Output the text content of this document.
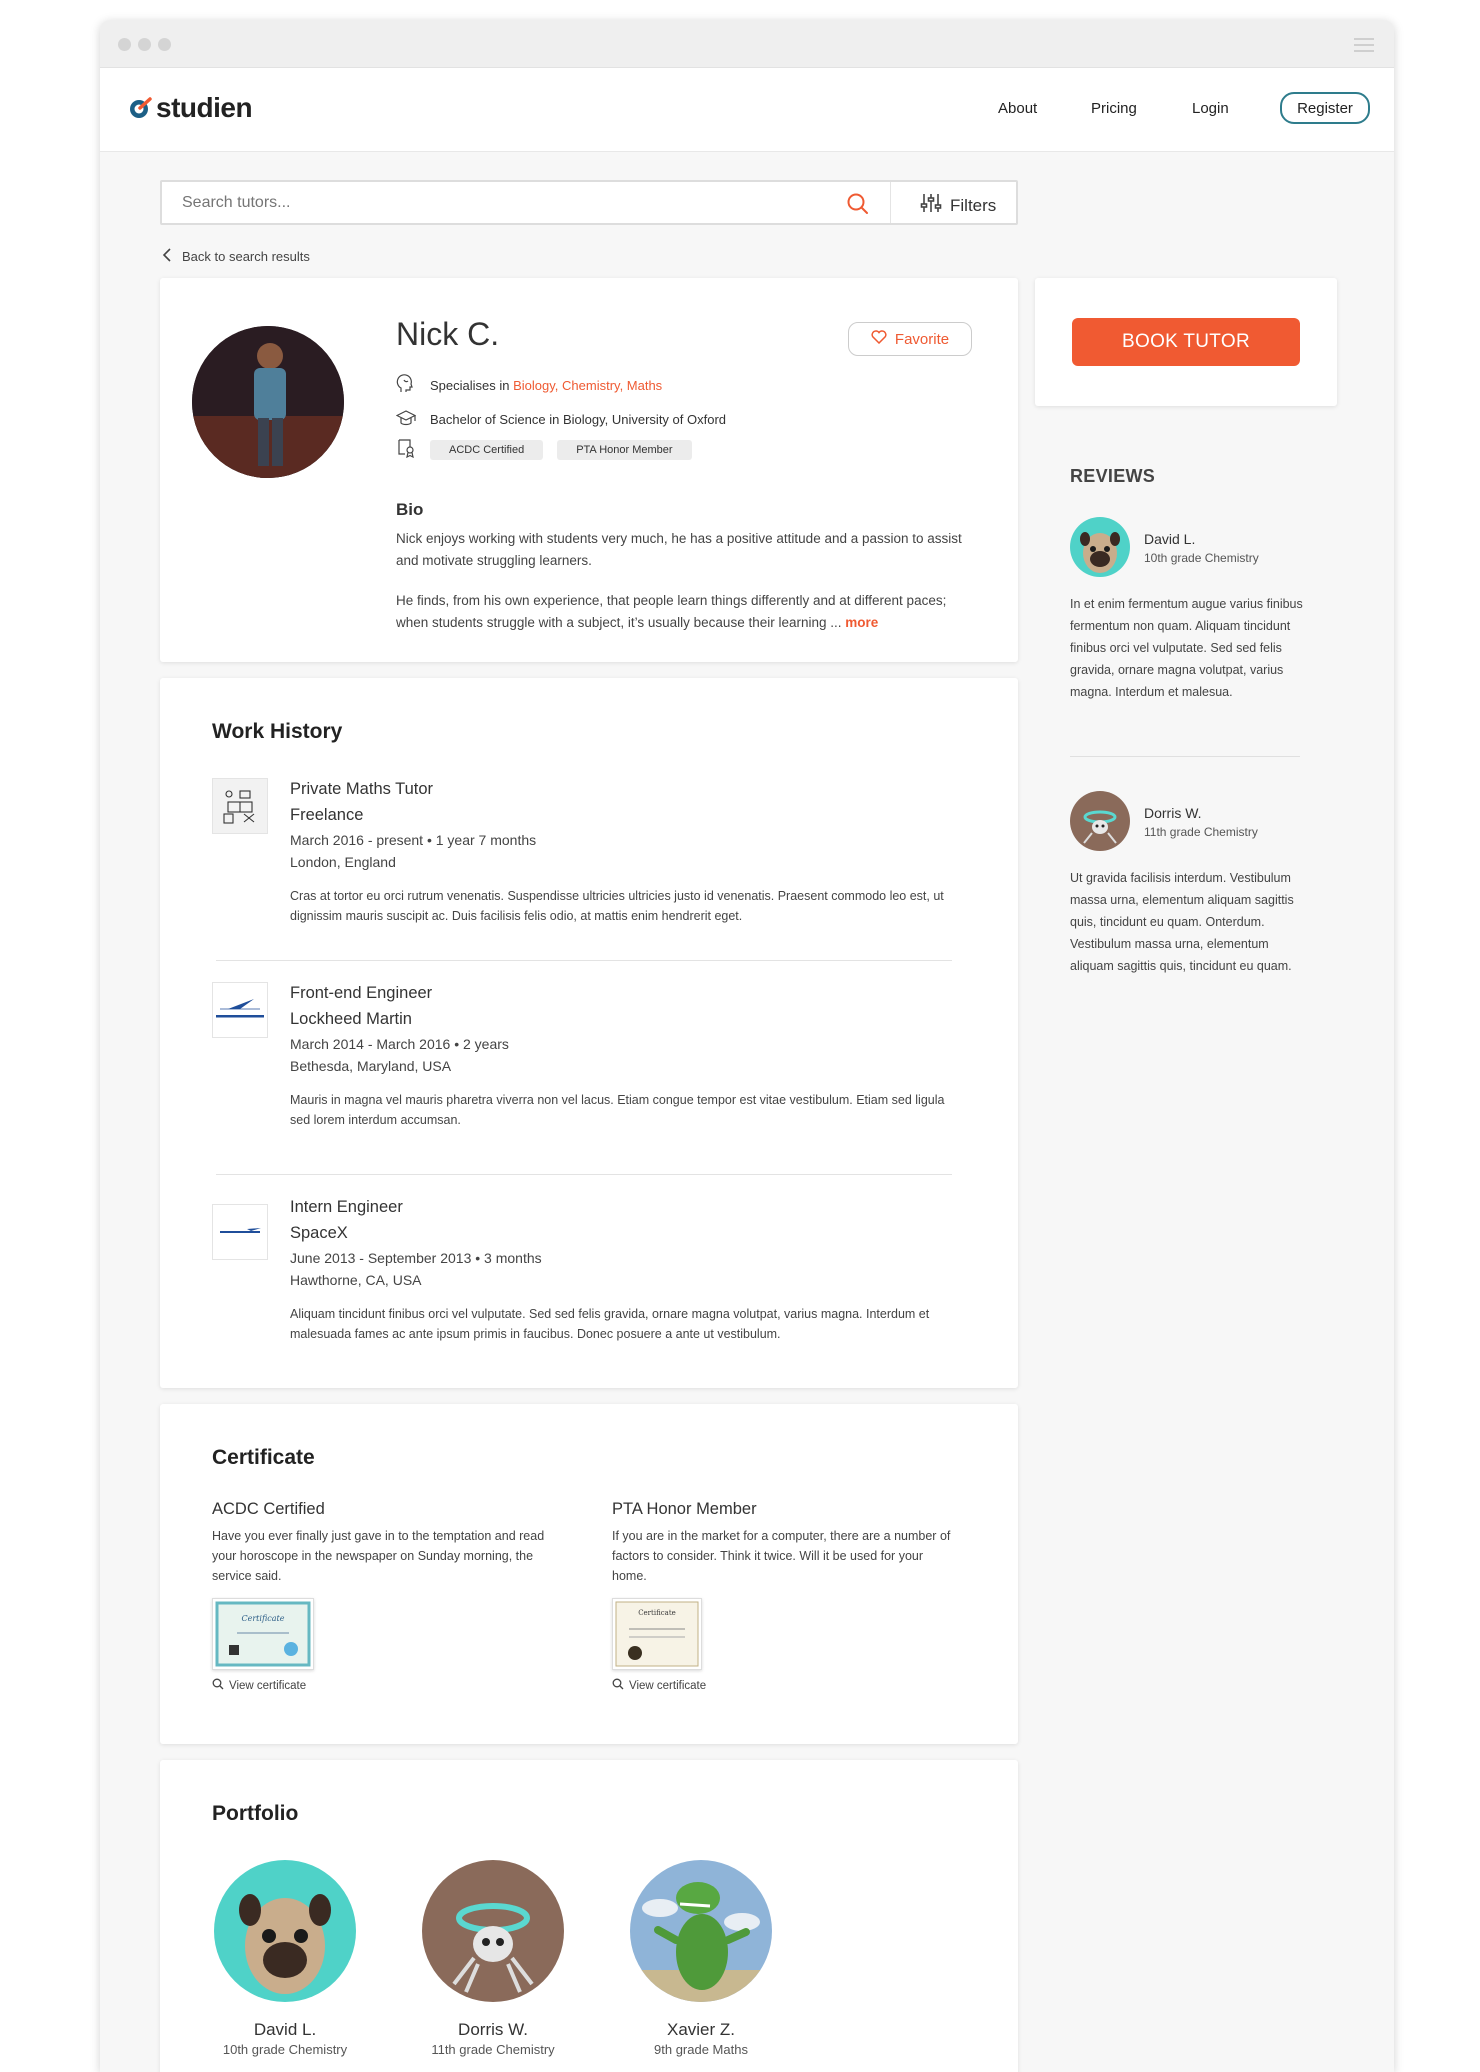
studien	About	Pricing	Login	Register
Search tutors...
Filters
Back to search results
Nick C.	Favorite
Specialises in Biology, Chemistry, Maths
Bachelor of Science in Biology, University of Oxford
ACDC Certified	PTA Honor Member
Bio
Nick enjoys working with students very much, he has a positive attitude and a passion to assist and motivate struggling learners.
He finds, from his own experience, that people learn things differently and at different paces; when students struggle with a subject, it’s usually because their learning ... more
BOOK TUTOR
REVIEWS
David L.
10th grade Chemistry
In et enim fermentum augue varius finibus fermentum non quam. Aliquam tincidunt finibus orci vel vulputate. Sed sed felis gravida, ornare magna volutpat, varius magna. Interdum et malesua.
Dorris W.
11th grade Chemistry
Ut gravida facilisis interdum. Vestibulum massa urna, elementum aliquam sagittis quis, tincidunt eu quam. Onterdum. Vestibulum massa urna, elementum aliquam sagittis quis, tincidunt eu quam.
Work History
Private Maths Tutor
Freelance
March 2016 - present • 1 year 7 months
London, England
Cras at tortor eu orci rutrum venenatis. Suspendisse ultricies ultricies justo id venenatis. Praesent commodo leo est, ut dignissim mauris suscipit ac. Duis facilisis felis odio, at mattis enim hendrerit eget.
Front-end Engineer
Lockheed Martin
March 2014 - March 2016 • 2 years
Bethesda, Maryland, USA
Mauris in magna vel mauris pharetra viverra non vel lacus. Etiam congue tempor est vitae vestibulum. Etiam sed ligula sed lorem interdum accumsan.
Intern Engineer
SpaceX
June 2013 - September 2013 • 3 months
Hawthorne, CA, USA
Aliquam tincidunt finibus orci vel vulputate. Sed sed felis gravida, ornare magna volutpat, varius magna. Interdum et malesuada fames ac ante ipsum primis in faucibus. Donec posuere a ante ut vestibulum.
Certificate
ACDC Certified
Have you ever finally just gave in to the temptation and read your horoscope in the newspaper on Sunday morning, the service said.
Certificate
View certificate
PTA Honor Member
If you are in the market for a computer, there are a number of factors to consider. Think it twice. Will it be used for your home.
Certificate
View certificate
Portfolio
David L.
10th grade Chemistry
Dorris W.
11th grade Chemistry
Xavier Z.
9th grade Maths
